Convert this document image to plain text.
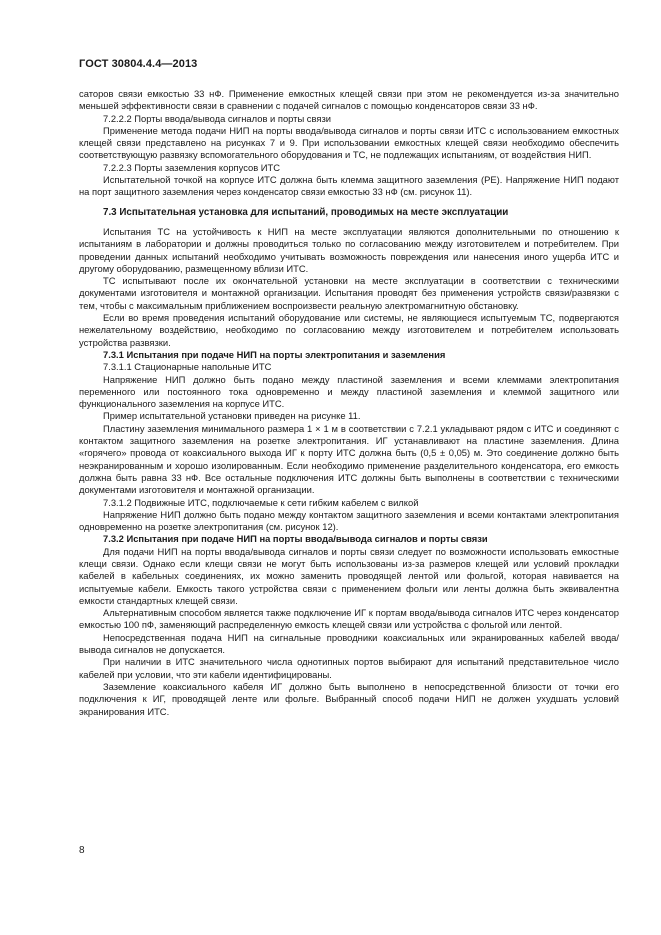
ГОСТ 30804.4.4—2013

саторов связи емкостью 33 нФ. Применение емкостных клещей связи при этом не рекомендуется из-за значительно меньшей эффективности связи в сравнении с подачей сигналов с помощью конденсаторов связи 33 нФ.

7.2.2.2 Порты ввода/вывода сигналов и порты связи

Применение метода подачи НИП на порты ввода/вывода сигналов и порты связи ИТС с использованием емкостных клещей связи представлено на рисунках 7 и 9. При использовании емкостных клещей связи необходимо обеспечить соответствующую развязку вспомогательного оборудования и ТС, не подлежащих испытаниям, от воздействия НИП.

7.2.2.3 Порты заземления корпусов ИТС

Испытательной точкой на корпусе ИТС должна быть клемма защитного заземления (PE). Напряжение НИП подают на порт защитного заземления через конденсатор связи емкостью 33 нФ (см. рисунок 11).

7.3 Испытательная установка для испытаний, проводимых на месте эксплуатации

Испытания ТС на устойчивость к НИП на месте эксплуатации являются дополнительными по отношению к испытаниям в лаборатории и должны проводиться только по согласованию между изготовителем и потребителем. При проведении данных испытаний необходимо учитывать возможность повреждения или нанесения иного ущерба ИТС и другому оборудованию, размещенному вблизи ИТС.

ТС испытывают после их окончательной установки на месте эксплуатации в соответствии с техническими документами изготовителя и монтажной организации. Испытания проводят без применения устройств связи/развязки с тем, чтобы с максимальным приближением воспроизвести реальную электромагнитную обстановку.

Если во время проведения испытаний оборудование или системы, не являющиеся испытуемым ТС, подвергаются нежелательному воздействию, необходимо по согласованию между изготовителем и потребителем использовать устройства развязки.

7.3.1 Испытания при подаче НИП на порты электропитания и заземления

7.3.1.1 Стационарные напольные ИТС

Напряжение НИП должно быть подано между пластиной заземления и всеми клеммами электропитания переменного или постоянного тока одновременно и между пластиной заземления и клеммой защитного или функционального заземления на корпусе ИТС.

Пример испытательной установки приведен на рисунке 11.

Пластину заземления минимального размера 1 × 1 м в соответствии с 7.2.1 укладывают рядом с ИТС и соединяют с контактом защитного заземления на розетке электропитания. ИГ устанавливают на пластине заземления. Длина «горячего» провода от коаксиального выхода ИГ к порту ИТС должна быть (0,5 ± 0,05) м. Это соединение должно быть неэкранированным и хорошо изолированным. Если необходимо применение разделительного конденсатора, его емкость должна быть равна 33 нФ. Все остальные подключения ИТС должны быть выполнены в соответствии с техническими документами изготовителя и монтажной организации.

7.3.1.2 Подвижные ИТС, подключаемые к сети гибким кабелем с вилкой

Напряжение НИП должно быть подано между контактом защитного заземления и всеми контактами электропитания одновременно на розетке электропитания (см. рисунок 12).

7.3.2 Испытания при подаче НИП на порты ввода/вывода сигналов и порты связи

Для подачи НИП на порты ввода/вывода сигналов и порты связи следует по возможности использовать емкостные клещи связи. Однако если клещи связи не могут быть использованы из-за размеров клещей или условий прокладки кабелей в кабельных соединениях, их можно заменить проводящей лентой или фольгой, которая навивается на испытуемые кабели. Емкость такого устройства связи с применением фольги или ленты должна быть эквивалентна емкости стандартных клещей связи.

Альтернативным способом является также подключение ИГ к портам ввода/вывода сигналов ИТС через конденсатор емкостью 100 пФ, заменяющий распределенную емкость клещей связи или устройства с фольгой или лентой.

Непосредственная подача НИП на сигнальные проводники коаксиальных или экранированных кабелей ввода/вывода сигналов не допускается.

При наличии в ИТС значительного числа однотипных портов выбирают для испытаний представительное число кабелей при условии, что эти кабели идентифицированы.

Заземление коаксиального кабеля ИГ должно быть выполнено в непосредственной близости от точки его подключения к ИГ, проводящей ленте или фольге. Выбранный способ подачи НИП не должен ухудшать условий экранирования ИТС.

8
